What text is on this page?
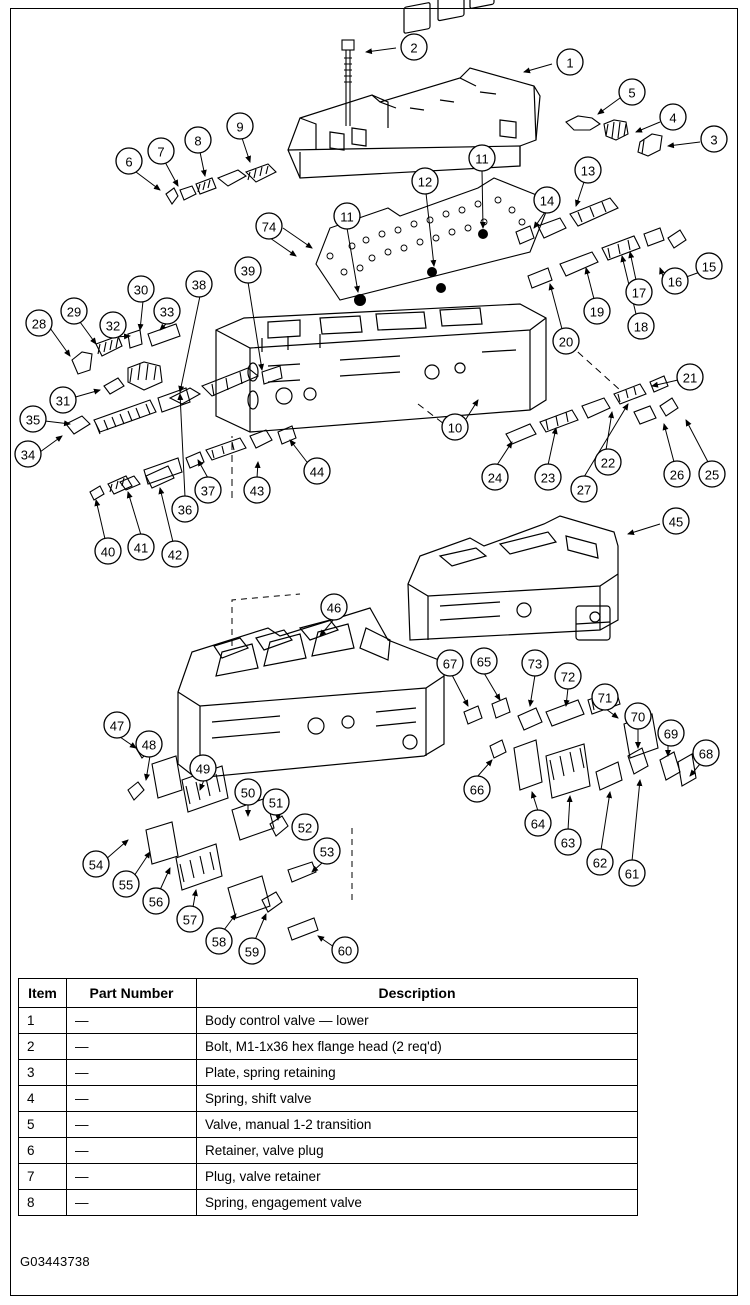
1
2
3
4
5
6
7
8
9
10
11
11
12
13
14
15
16
17
18
19
20
21
22
23
24	25
26
27
28
29
30
31
32
33
34
35
36
37
38
39
40 41 42
43
44
45
46
47
48
49
50
51
52
53
54
55
56
57
58
59	60
61
62
63
64
65
66
67
68
69
70
71
72
73
74
Item	Part Number	Description
1	—	Body control valve — lower
2	—	Bolt, M1-1x36 hex flange head (2 req'd)
3	—	Plate, spring retaining
4	—	Spring, shift valve
5	—	Valve, manual 1-2 transition
6	—	Retainer, valve plug
7	—	Plug, valve retainer
8	—	Spring, engagement valve
G03443738
